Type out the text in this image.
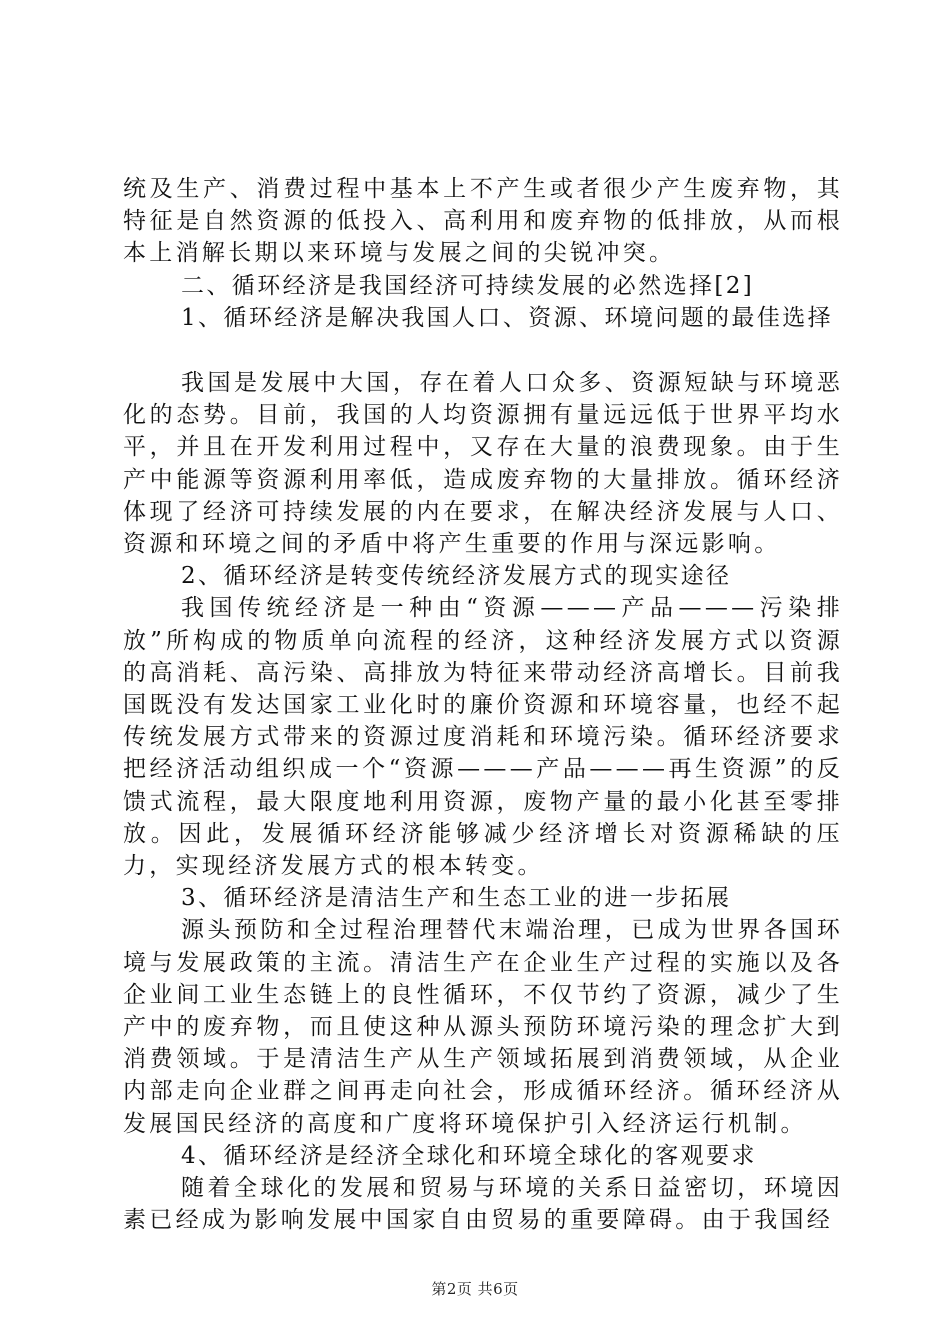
统及生产、消费过程中基本上不产生或者很少产生废弃物，其特征是自然资源的低投入、高利用和废弃物的低排放，从而根本上消解长期以来环境与发展之间的尖锐冲突。

二、循环经济是我国经济可持续发展的必然选择[2]

1、循环经济是解决我国人口、资源、环境问题的最佳选择

我国是发展中大国，存在着人口众多、资源短缺与环境恶化的态势。目前，我国的人均资源拥有量远远低于世界平均水平，并且在开发利用过程中，又存在大量的浪费现象。由于生产中能源等资源利用率低，造成废弃物的大量排放。循环经济体现了经济可持续发展的内在要求，在解决经济发展与人口、资源和环境之间的矛盾中将产生重要的作用与深远影响。

2、循环经济是转变传统经济发展方式的现实途径

我国传统经济是一种由“资源———产品———污染排放”所构成的物质单向流程的经济，这种经济发展方式以资源的高消耗、高污染、高排放为特征来带动经济高增长。目前我国既没有发达国家工业化时的廉价资源和环境容量，也经不起传统发展方式带来的资源过度消耗和环境污染。循环经济要求把经济活动组织成一个“资源———产品———再生资源”的反馈式流程，最大限度地利用资源，废物产量的最小化甚至零排放。因此，发展循环经济能够减少经济增长对资源稀缺的压力，实现经济发展方式的根本转变。

3、循环经济是清洁生产和生态工业的进一步拓展

源头预防和全过程治理替代末端治理，已成为世界各国环境与发展政策的主流。清洁生产在企业生产过程的实施以及各企业间工业生态链上的良性循环，不仅节约了资源，减少了生产中的废弃物，而且使这种从源头预防环境污染的理念扩大到消费领域。于是清洁生产从生产领域拓展到消费领域，从企业内部走向企业群之间再走向社会，形成循环经济。循环经济从发展国民经济的高度和广度将环境保护引入经济运行机制。

4、循环经济是经济全球化和环境全球化的客观要求

随着全球化的发展和贸易与环境的关系日益密切，环境因素已经成为影响发展中国家自由贸易的重要障碍。由于我国经

第2页 共6页
